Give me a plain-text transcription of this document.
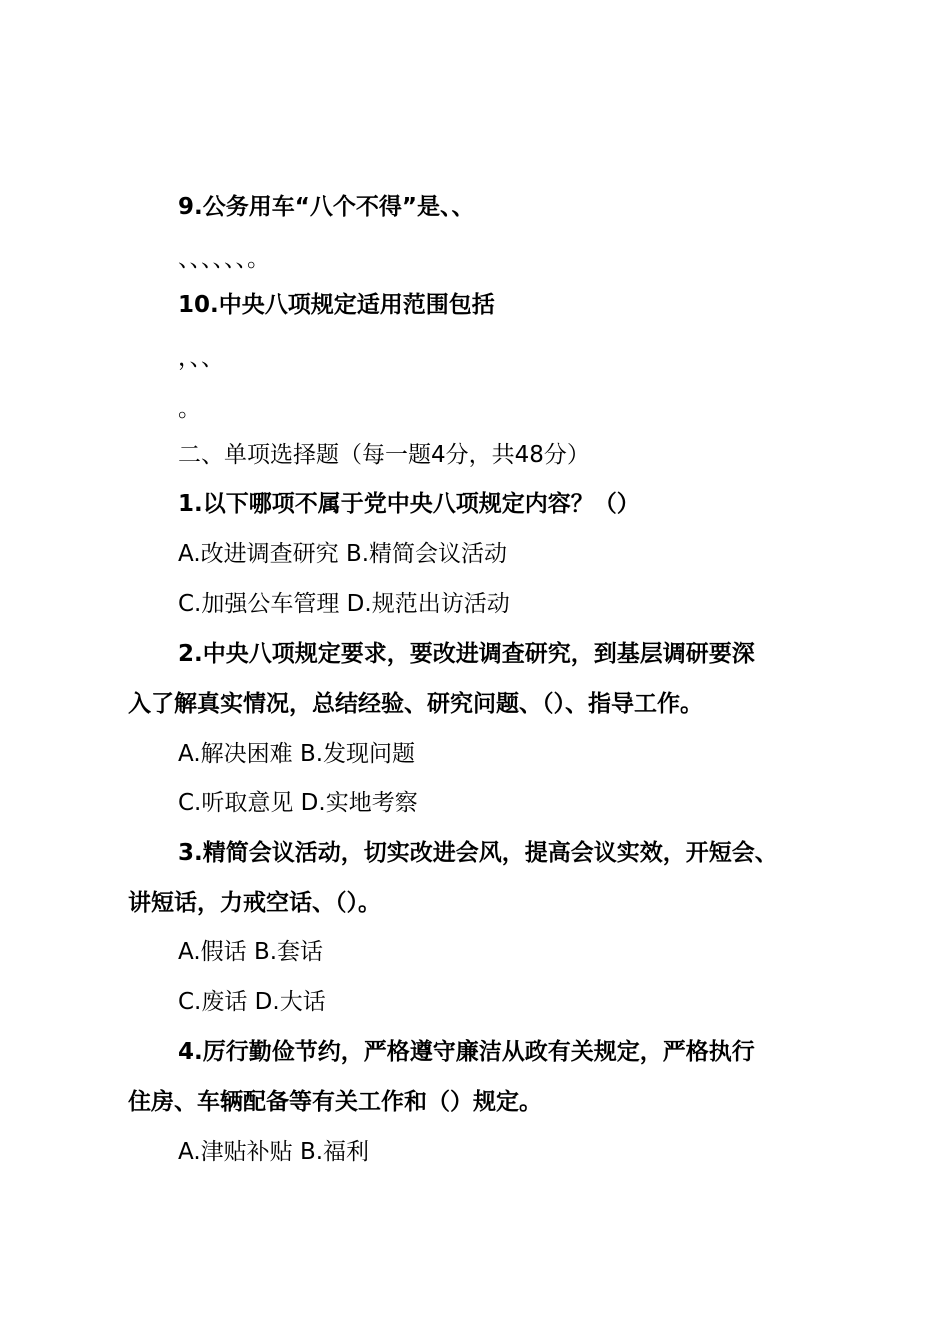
9.公务用车“八个不得”是、、
、、、、、、。
10.中央八项规定适用范围包括
，、、
。
二、单项选择题（每一题4分，共48分）
1.以下哪项不属于党中央八项规定内容？（）
A.改进调查研究 B.精简会议活动
C.加强公车管理 D.规范出访活动
2.中央八项规定要求，要改进调查研究，到基层调研要深
入了解真实情况，总结经验、研究问题、（）、指导工作。
A.解决困难 B.发现问题
C.听取意见 D.实地考察
3.精简会议活动，切实改进会风，提高会议实效，开短会、
讲短话，力戒空话、（）。
A.假话 B.套话
C.废话 D.大话
4.厉行勤俭节约，严格遵守廉洁从政有关规定，严格执行
住房、车辆配备等有关工作和（）规定。
A.津贴补贴 B.福利
